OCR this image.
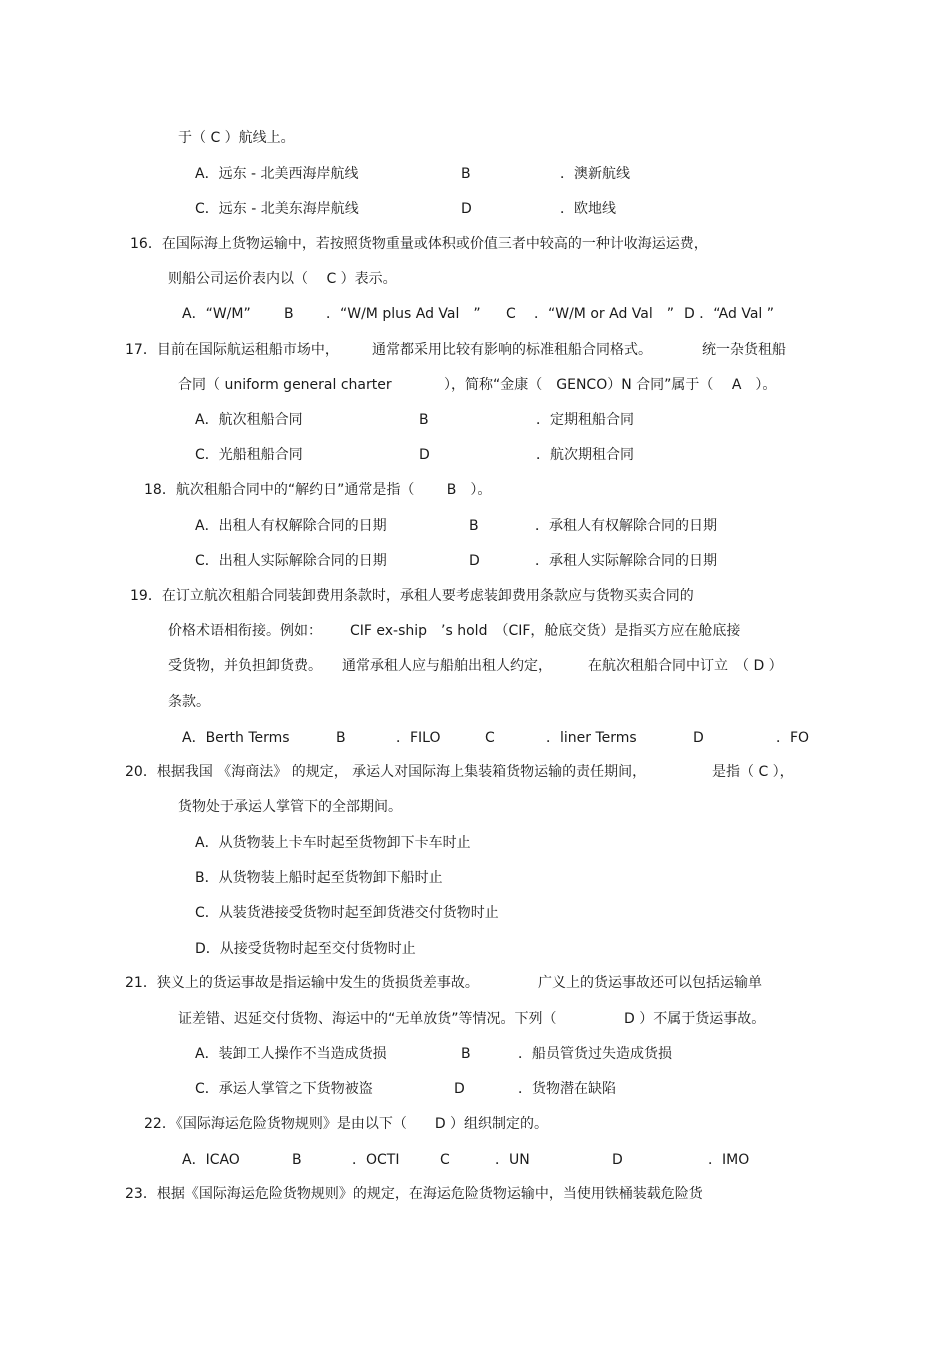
于（ C ）航线上。
A．远东 - 北美西海岸航线	B	．澳新航线
C．远东 - 北美东海岸航线	D	．欧地线
16．在国际海上货物运输中，若按照货物重量或体积或价值三者中较高的一种计收海运运费，
则船公司运价表内以（　 C ）表示。
A．“W/M” B ．“W/M plus Ad Val　” C ．“W/M or Ad Val　” D ．“Ad Val ”
17．目前在国际航运租船市场中， 通常都采用比较有影响的标准租船合同格式。	统一杂货租船
合同（ uniform general charter	），简称“金康（　GENCO）N 合同”属于（　 A　）。
A．航次租船合同	B	．定期租船合同
C．光船租船合同	D	．航次期租合同
18．航次租船合同中的“解约日”通常是指（　　 B　）。
A．出租人有权解除合同的日期	B	．承租人有权解除合同的日期
C．出租人实际解除合同的日期	D	．承租人实际解除合同的日期
19．在订立航次租船合同装卸费用条款时，承租人要考虑装卸费用条款应与货物买卖合同的
价格术语相衔接。例如： CIF ex-ship　’s hold　（CIF，舱底交货）是指买方应在舱底接
受货物，并负担卸货费。 通常承租人应与船舶出租人约定，	在航次租船合同中订立　（ D ）
条款。
A．Berth Terms	B	．FILO	C	．liner Terms	D	．FO
20．根据我国 《海商法》 的规定， 承运人对国际海上集装箱货物运输的责任期间，	是指（ C ），
货物处于承运人掌管下的全部期间。
A．从货物装上卡车时起至货物卸下卡车时止
B．从货物装上船时起至货物卸下船时止
C．从装货港接受货物时起至卸货港交付货物时止
D．从接受货物时起至交付货物时止
21．狭义上的货运事故是指运输中发生的货损货差事故。	广义上的货运事故还可以包括运输单
证差错、迟延交付货物、海运中的“无单放货”等情况。下列（	D ）不属于货运事故。
A．装卸工人操作不当造成货损	B	．船员管货过失造成货损
C．承运人掌管之下货物被盗	D	．货物潜在缺陷
22．《国际海运危险货物规则》是由以下（　　D ）组织制定的。
A．ICAO	B	．OCTI	C	．UN	D	．IMO
23．根据《国际海运危险货物规则》的规定，在海运危险货物运输中，当使用铁桶装载危险货
